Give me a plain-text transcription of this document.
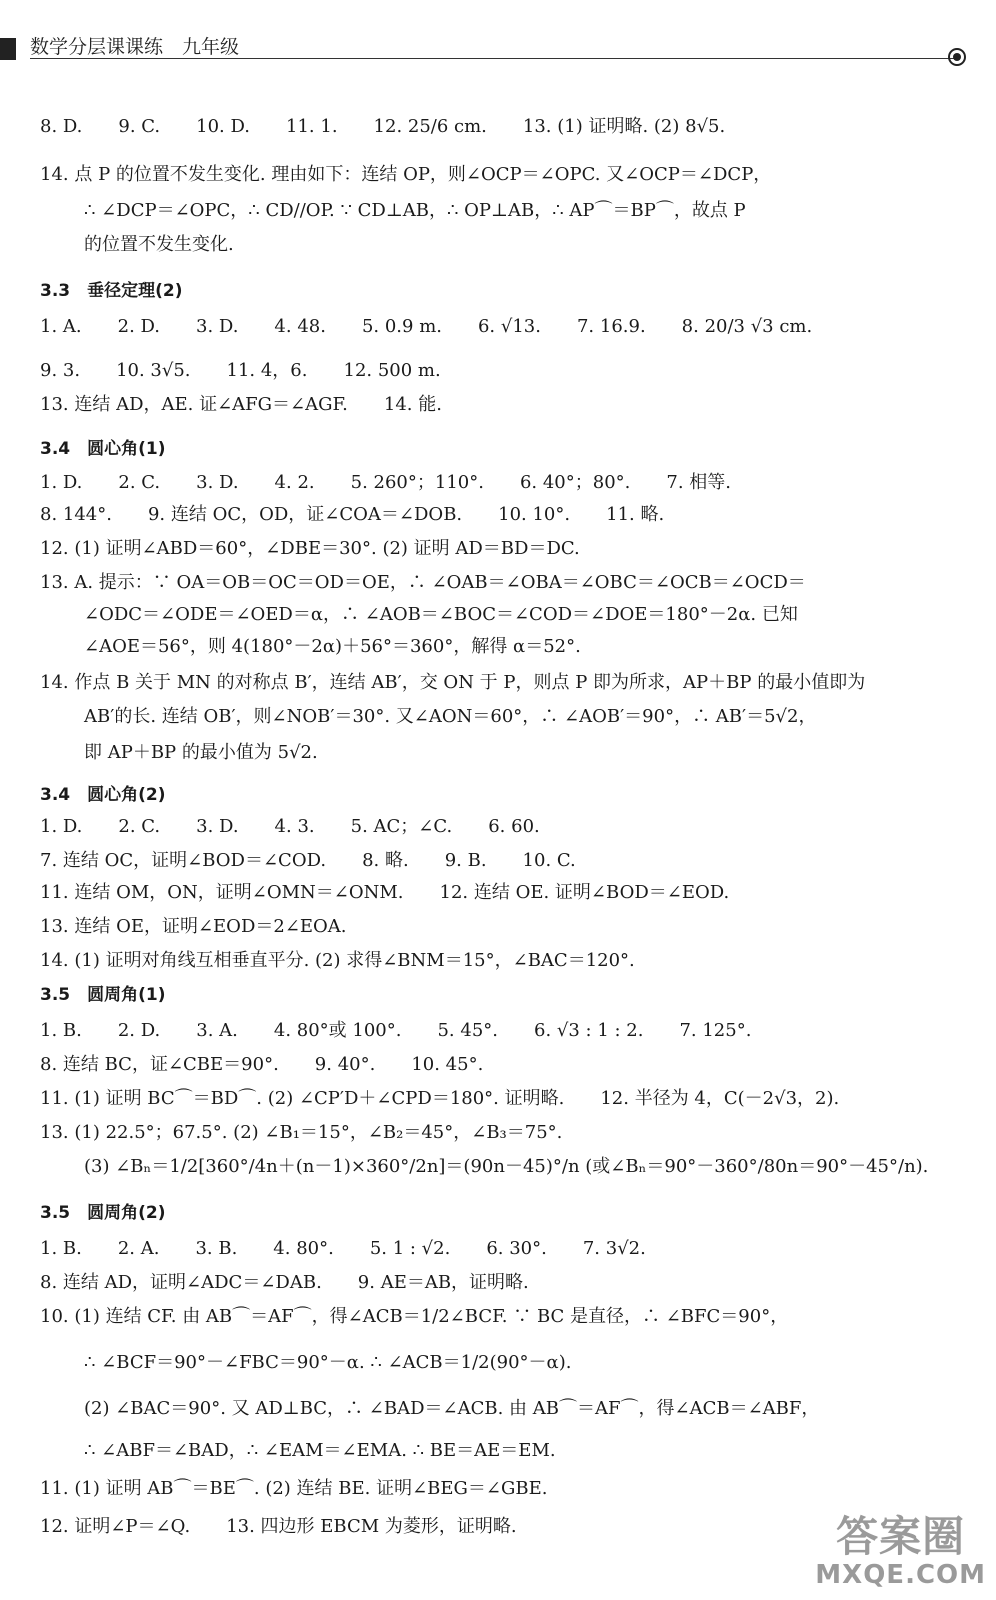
数学分层课课练　九年级
8. D.　　9. C.　　10. D.　　11. 1.　　12. 25/6 cm.　　13. (1) 证明略. (2) 8√5.
14. 点 P 的位置不发生变化. 理由如下：连结 OP，则∠OCP＝∠OPC. 又∠OCP＝∠DCP，
∴ ∠DCP＝∠OPC，∴ CD//OP. ∵ CD⊥AB，∴ OP⊥AB，∴ AP⌒＝BP⌒，故点 P
的位置不发生变化.
3.3　垂径定理(2)
1. A.　　2. D.　　3. D.　　4. 48.　　5. 0.9 m.　　6. √13.　　7. 16.9.　　8. 20/3 √3 cm.
9. 3.　　10. 3√5.　　11. 4，6.　　12. 500 m.
13. 连结 AD，AE. 证∠AFG＝∠AGF.　　14. 能.
3.4　圆心角(1)
1. D.　　2. C.　　3. D.　　4. 2.　　5. 260°；110°.　　6. 40°；80°.　　7. 相等.
8. 144°.　　9. 连结 OC，OD，证∠COA＝∠DOB.　　10. 10°.　　11. 略.
12. (1) 证明∠ABD＝60°，∠DBE＝30°. (2) 证明 AD＝BD＝DC.
13. A. 提示：∵ OA＝OB＝OC＝OD＝OE，∴ ∠OAB＝∠OBA＝∠OBC＝∠OCB＝∠OCD＝
∠ODC＝∠ODE＝∠OED＝α，∴ ∠AOB＝∠BOC＝∠COD＝∠DOE＝180°－2α. 已知
∠AOE＝56°，则 4(180°－2α)＋56°＝360°，解得 α＝52°.
14. 作点 B 关于 MN 的对称点 B′，连结 AB′，交 ON 于 P，则点 P 即为所求，AP＋BP 的最小值即为
AB′的长. 连结 OB′，则∠NOB′＝30°. 又∠AON＝60°，∴ ∠AOB′＝90°，∴ AB′＝5√2，
即 AP＋BP 的最小值为 5√2.
3.4　圆心角(2)
1. D.　　2. C.　　3. D.　　4. 3.　　5. AC；∠C.　　6. 60.
7. 连结 OC，证明∠BOD＝∠COD.　　8. 略.　　9. B.　　10. C.
11. 连结 OM，ON，证明∠OMN＝∠ONM.　　12. 连结 OE. 证明∠BOD＝∠EOD.
13. 连结 OE，证明∠EOD＝2∠EOA.
14. (1) 证明对角线互相垂直平分. (2) 求得∠BNM＝15°，∠BAC＝120°.
3.5　圆周角(1)
1. B.　　2. D.　　3. A.　　4. 80°或 100°.　　5. 45°.　　6. √3 : 1 : 2.　　7. 125°.
8. 连结 BC，证∠CBE＝90°.　　9. 40°.　　10. 45°.
11. (1) 证明 BC⌒＝BD⌒. (2) ∠CP′D＋∠CPD＝180°. 证明略.　　12. 半径为 4，C(－2√3，2).
13. (1) 22.5°；67.5°. (2) ∠B₁＝15°，∠B₂＝45°，∠B₃＝75°.
(3) ∠Bₙ＝1/2[360°/4n＋(n－1)×360°/2n]＝(90n－45)°/n (或∠Bₙ＝90°－360°/80n＝90°－45°/n).
3.5　圆周角(2)
1. B.　　2. A.　　3. B.　　4. 80°.　　5. 1 : √2.　　6. 30°.　　7. 3√2.
8. 连结 AD，证明∠ADC＝∠DAB.　　9. AE＝AB，证明略.
10. (1) 连结 CF. 由 AB⌒＝AF⌒，得∠ACB＝1/2∠BCF. ∵ BC 是直径，∴ ∠BFC＝90°，
∴ ∠BCF＝90°－∠FBC＝90°－α. ∴ ∠ACB＝1/2(90°－α).
(2) ∠BAC＝90°. 又 AD⊥BC，∴ ∠BAD＝∠ACB. 由 AB⌒＝AF⌒，得∠ACB＝∠ABF，
∴ ∠ABF＝∠BAD，∴ ∠EAM＝∠EMA. ∴ BE＝AE＝EM.
11. (1) 证明 AB⌒＝BE⌒. (2) 连结 BE. 证明∠BEG＝∠GBE.
12. 证明∠P＝∠Q.　　13. 四边形 EBCM 为菱形，证明略.	答案圈
MXQE.COM
